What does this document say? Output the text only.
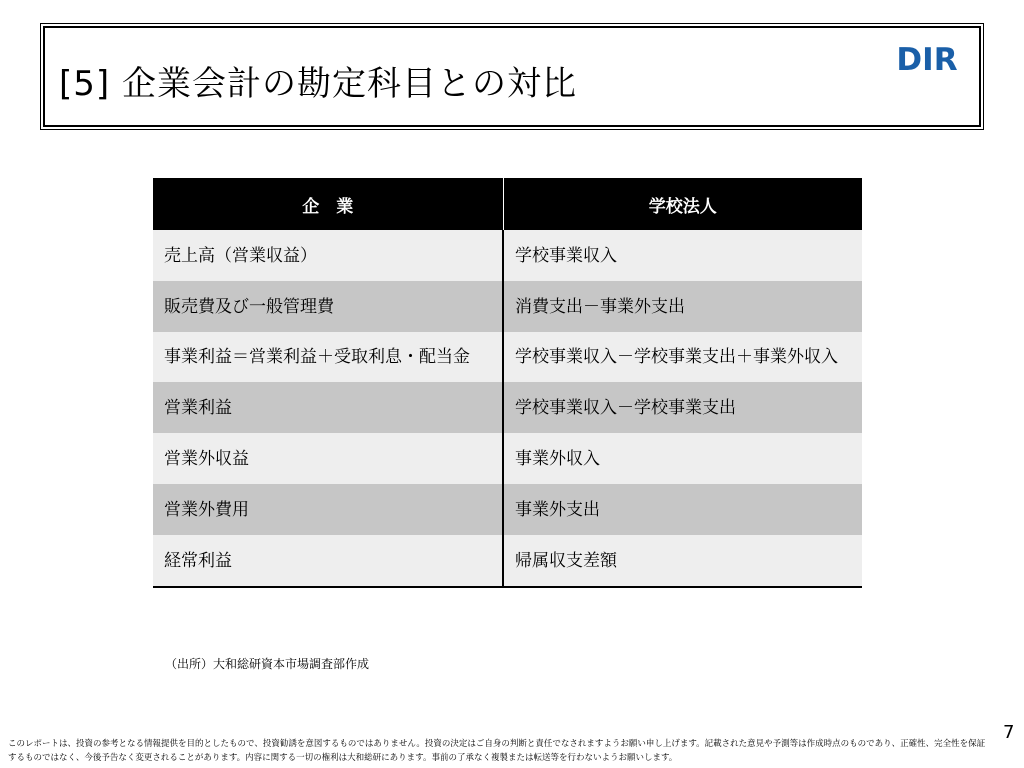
[5] 企業会計の勘定科目との対比
DIR
企　業	学校法人
売上高（営業収益）	学校事業収入
販売費及び一般管理費	消費支出－事業外支出
事業利益＝営業利益＋受取利息・配当金	学校事業収入－学校事業支出＋事業外収入
営業利益	学校事業収入－学校事業支出
営業外収益	事業外収入
営業外費用	事業外支出
経常利益	帰属収支差額
（出所）大和総研資本市場調査部作成
7
このレポートは、投資の参考となる情報提供を目的としたもので、投資勧誘を意図するものではありません。投資の決定はご自身の判断と責任でなされますようお願い申し上げます。記載された意見や予測等は作成時点のものであり、正確性、完全性を保証するものではなく、今後予告なく変更されることがあります。内容に関する一切の権利は大和総研にあります。事前の了承なく複製または転送等を行わないようお願いします。
